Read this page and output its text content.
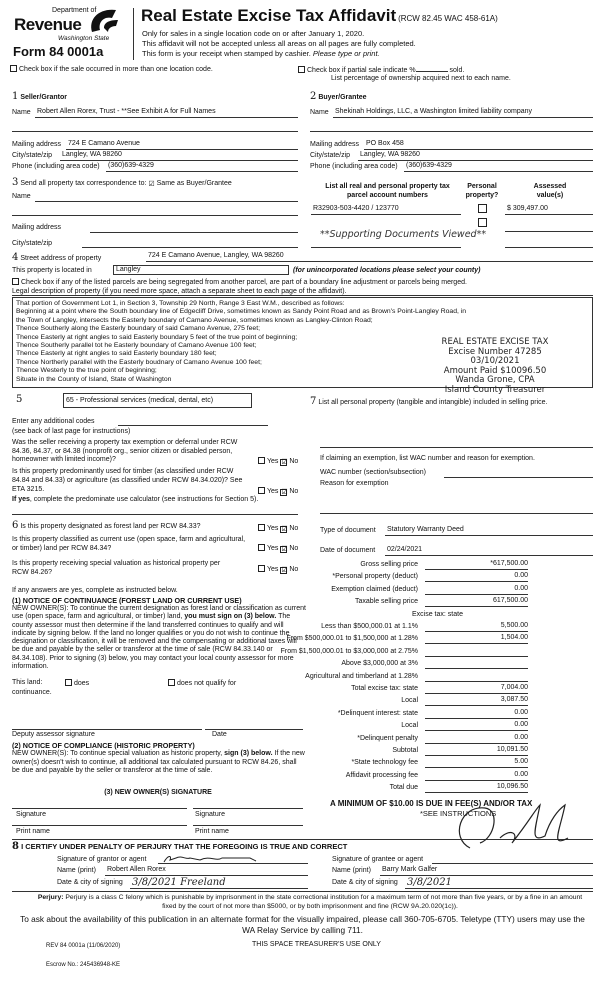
Department of
Revenue
Washington State
Form 84 0001a
Real Estate Excise Tax Affidavit (RCW 82.45 WAC 458-61A)
Only for sales in a single location code on or after January 1, 2020.
This affidavit will not be accepted unless all areas on all pages are fully completed.
This form is your receipt when stamped by cashier. Please type or print.
Check box if the sale occurred in more than one location code.	Check box if partial sale indicate %	sold.
List percentage of ownership acquired next to each name.
1 Seller/Grantor
Name Robert Allen Rorex, Trust - **See Exhibit A for Full Names
Mailing address 724 E Camano Avenue
City/state/zip Langley, WA 98260
Phone (including area code) (360)639-4329
2 Buyer/Grantee
Name Shekinah Holdings, LLC, a Washington limited liability company
Mailing address PO Box 458
City/state/zip Langley, WA 98260
Phone (including area code) (360)639-4329
3 Send all property tax correspondence to: ☑ Same as Buyer/Grantee
Name
Mailing address
City/state/zip
List all real and personal property tax
parcel account numbers
Personal
property?
Assessed
value(s)
R32903-503-4420 / 123770	$ 309,497.00
**Supporting Documents Viewed**
4 Street address of property	724 E Camano Avenue, Langley, WA 98260
This property is located in	Langley	(for unincorporated locations please select your county)
Check box if any of the listed parcels are being segregated from another parcel, are part of a boundary line adjustment or parcels being merged.
Legal description of property (if you need more space, attach a separate sheet to each page of the affidavit).
That portion of Government Lot 1, in Section 3, Township 29 North, Range 3 East W.M., described as follows:
Beginning at a point where the South boundary line of Edgecliff Drive, sometimes known as Sandy Point Road and as Brown's Point-Langley Road, in
the Town of Langley, intersects the Easterly boundary of Camano Avenue, sometimes known as Langley-Clinton Road;
Thence Southerly along the Easterly boundary of said Camano Avenue, 275 feet;
Thence Easterly at right angles to said Easterly boundary 5 feet of the true point of beginning;
Thence Southerly parallel tot he Easterly boundary of Camano Avenue 100 feet;
Thence Easterly at right angles to said Easterly boundary 180 feet;
Thence Northerly parallel with the Easterly boudnary of Camano Avenue 100 feet;
Thence Westerly to the true point of beginning;
Situate in the County of Island, State of Washington
REAL ESTATE EXCISE TAX
Excise Number 47285
03/10/2021
Amount Paid $10096.50
Wanda Grone, CPA
Island County Treasurer
5	65 - Professional services (medical, dental, etc)
Enter any additional codes
(see back of last page for instructions)
Was the seller receiving a property tax exemption or deferral under RCW 84.36, 84.37, or 84.38 (nonprofit org., senior citizen or disabled person, homeowner with limited income)?	Yes ☑ No
Is this property predominantly used for timber (as classified under RCW 84.84 and 84.33) or agriculture (as classified under RCW 84.34.020)? See ETA 3215.	Yes ☑ No
If yes, complete the predominate use calculator (see instructions for Section 5).
6 Is this property designated as forest land per RCW 84.33?	Yes ☑ No
Is this property classified as current use (open space, farm and agricultural, or timber) land per RCW 84.34?	Yes ☑ No
Is this property receiving special valuation as historical property per RCW 84.26?	Yes ☑ No
If any answers are yes, complete as instructed below.
(1) NOTICE OF CONTINUANCE (FOREST LAND OR CURRENT USE)
NEW OWNER(S): To continue the current designation as forest land or classification as current use (open space, farm and agricultural, or timber) land, you must sign on (3) below. The county assessor must then determine if the land transferred continues to qualify and will indicate by signing below. If the land no longer qualifies or you do not wish to continue the designation or classification, it will be removed and the compensating or additional taxes will be due and payable by the seller or transferor at the time of sale (RCW 84.33.140 or 84.34.108). Prior to signing (3) below, you may contact your local county assessor for more information.
This land:	does	does not qualify for
continuance.
Deputy assessor signature	Date
(2) NOTICE OF COMPLIANCE (HISTORIC PROPERTY)
NEW OWNER(S): To continue special valuation as historic property, sign (3) below. If the new owner(s) doesn't wish to continue, all additional tax calculated pursuant to RCW 84.26, shall be due and payable by the seller or transferor at the time of sale.
(3) NEW OWNER(S) SIGNATURE
Signature	Signature
Print name	Print name
7 List all personal property (tangible and intangible) included in selling price.
If claiming an exemption, list WAC number and reason for exemption.
WAC number (section/subsection)
Reason for exemption
Type of document Statutory Warranty Deed
Date of document 02/24/2021
Gross selling price	*617,500.00
*Personal property (deduct)	0.00
Exemption claimed (deduct)	0.00
Taxable selling price	617,500.00
Excise tax: state
Less than $500,000.01 at 1.1%	5,500.00
From $500,000.01 to $1,500,000 at 1.28%	1,504.00
From $1,500,000.01 to $3,000,000 at 2.75%
Above $3,000,000 at 3%
Agricultural and timberland at 1.28%
Total excise tax: state	7,004.00
Local	3,087.50
*Delinquent interest: state	0.00
Local	0.00
*Delinquent penalty	0.00
Subtotal	10,091.50
*State technology fee	5.00
Affidavit processing fee	0.00
Total due	10,096.50
A MINIMUM OF $10.00 IS DUE IN FEE(S) AND/OR TAX
*SEE INSTRUCTIONS
8 I CERTIFY UNDER PENALTY OF PERJURY THAT THE FOREGOING IS TRUE AND CORRECT
Signature of grantor or agent
Name (print) Robert Allen Rorex
Date & city of signing 3/8/2021 Freeland
Signature of grantee or agent
Name (print) Barry Mark Galfer
Date & city of signing 3/8/2021
Perjury: Perjury is a class C felony which is punishable by imprisonment in the state correctional institution for a maximum term of not more than five years, or by a fine in an amount fixed by the court of not more than $5000, or by both imprisonment and fine (RCW 9A.20.020(1c)).
To ask about the availability of this publication in an alternate format for the visually impaired, please call 360-705-6705. Teletype (TTY) users may use the WA Relay Service by calling 711.
REV 84 0001a (11/06/2020)	THIS SPACE TREASURER'S USE ONLY
Escrow No.: 245436948-KE
